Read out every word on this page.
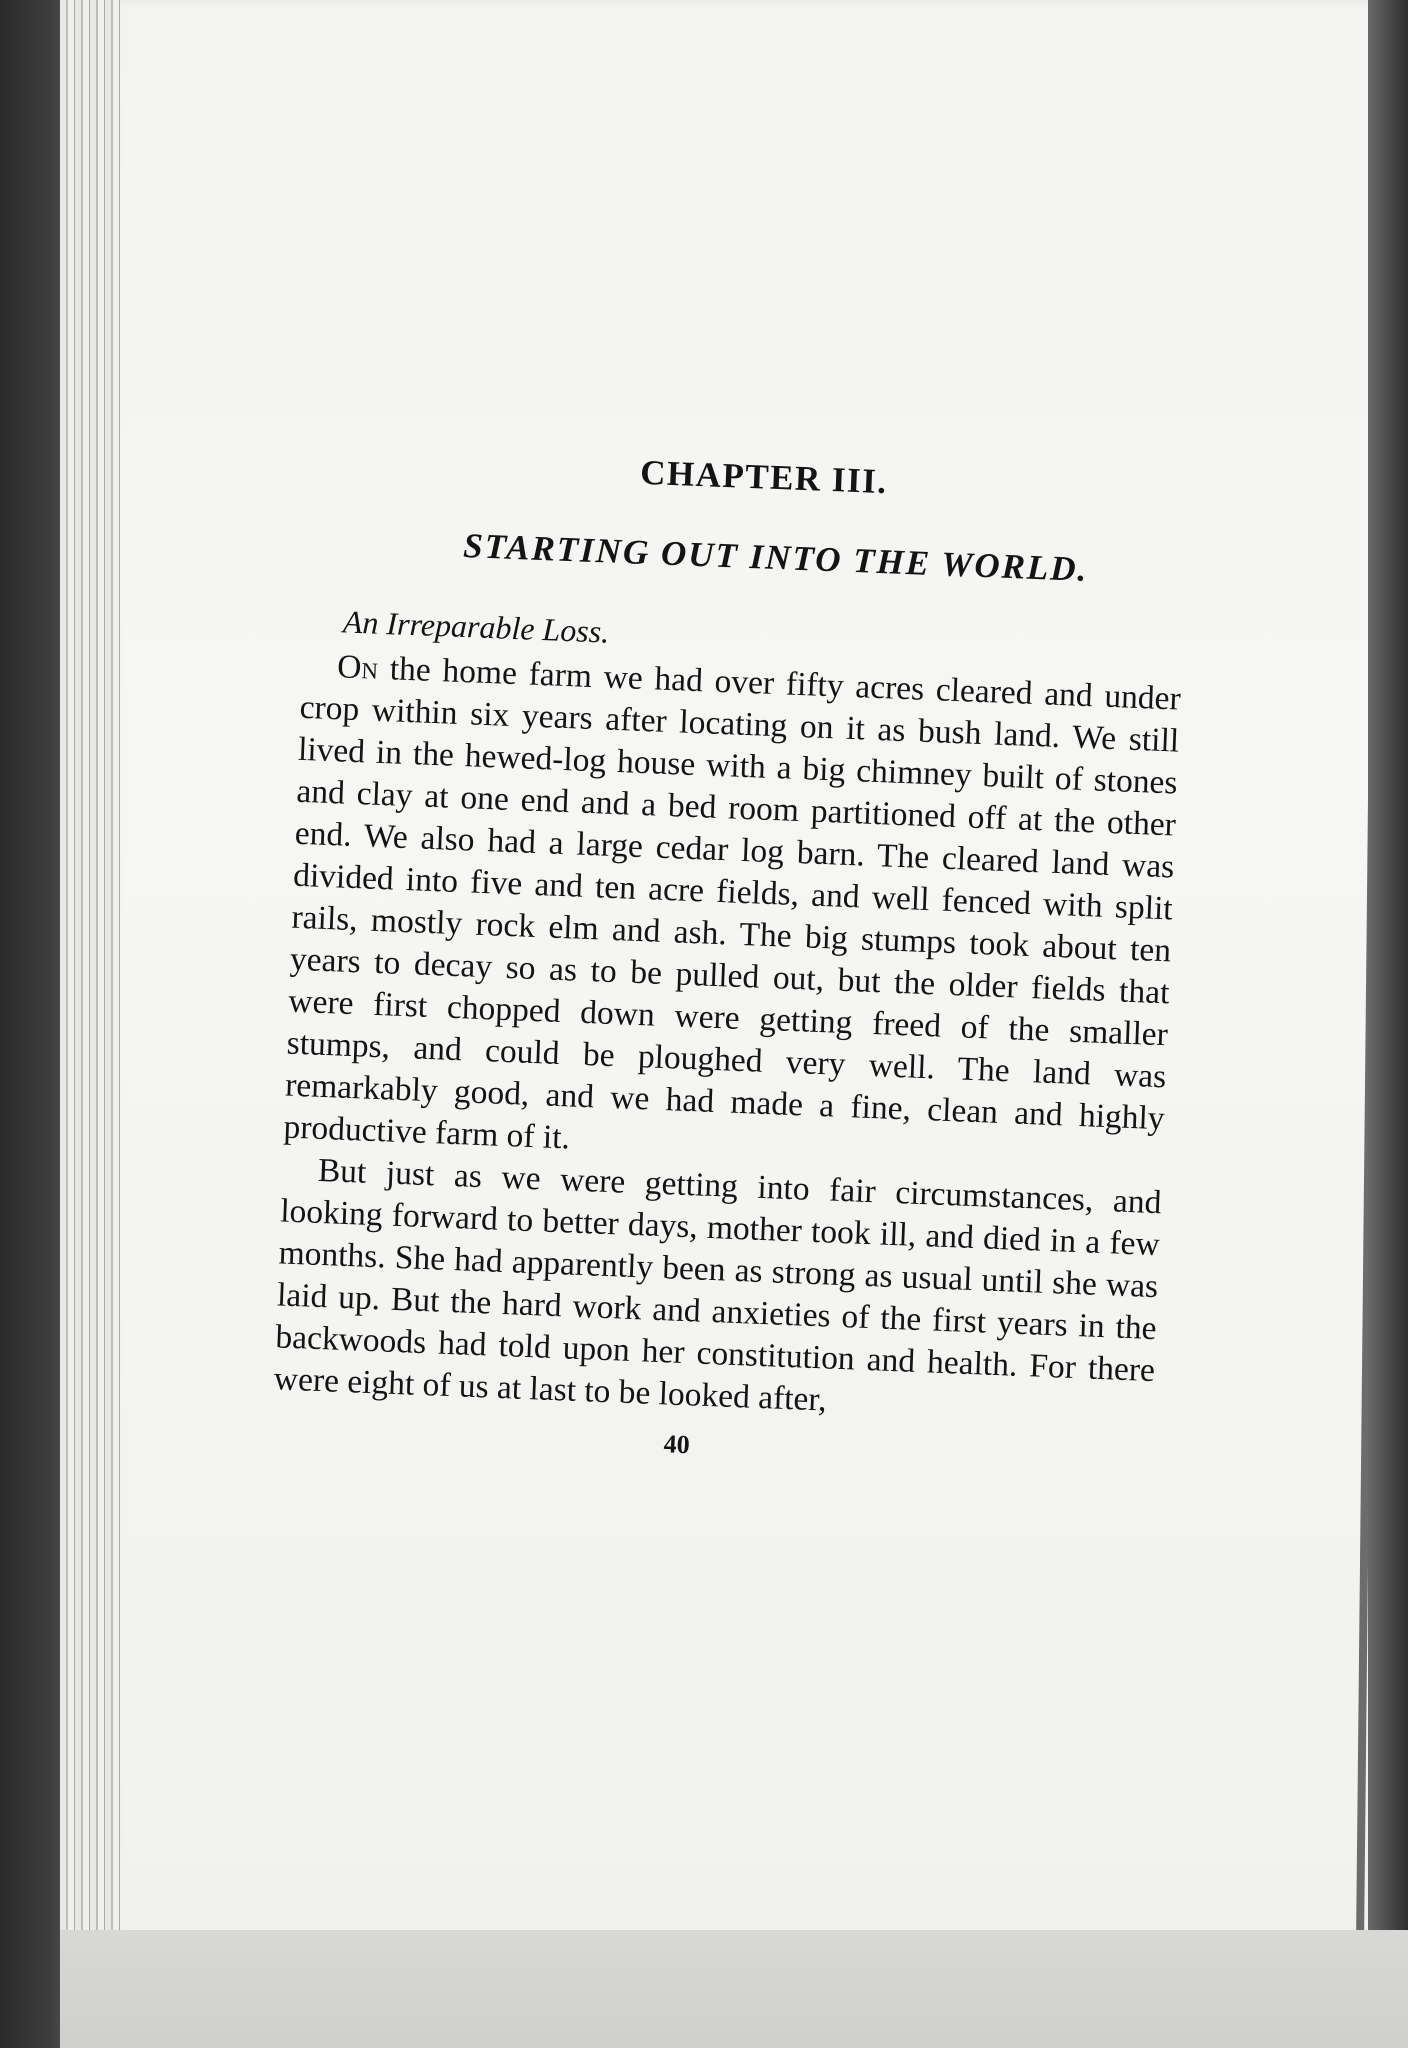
CHAPTER III.
STARTING OUT INTO THE WORLD.
An Irreparable Loss.

On the home farm we had over fifty acres cleared and under crop within six years after locating on it as bush land. We still lived in the hewed-log house with a big chimney built of stones and clay at one end and a bed room partitioned off at the other end. We also had a large cedar log barn. The cleared land was divided into five and ten acre fields, and well fenced with split rails, mostly rock elm and ash. The big stumps took about ten years to decay so as to be pulled out, but the older fields that were first chopped down were getting freed of the smaller stumps, and could be ploughed very well. The land was remarkably good, and we had made a fine, clean and highly productive farm of it.

But just as we were getting into fair circumstances, and looking forward to better days, mother took ill, and died in a few months. She had apparently been as strong as usual until she was laid up. But the hard work and anxieties of the first years in the backwoods had told upon her constitution and health. For there were eight of us at last to be looked after,

40
